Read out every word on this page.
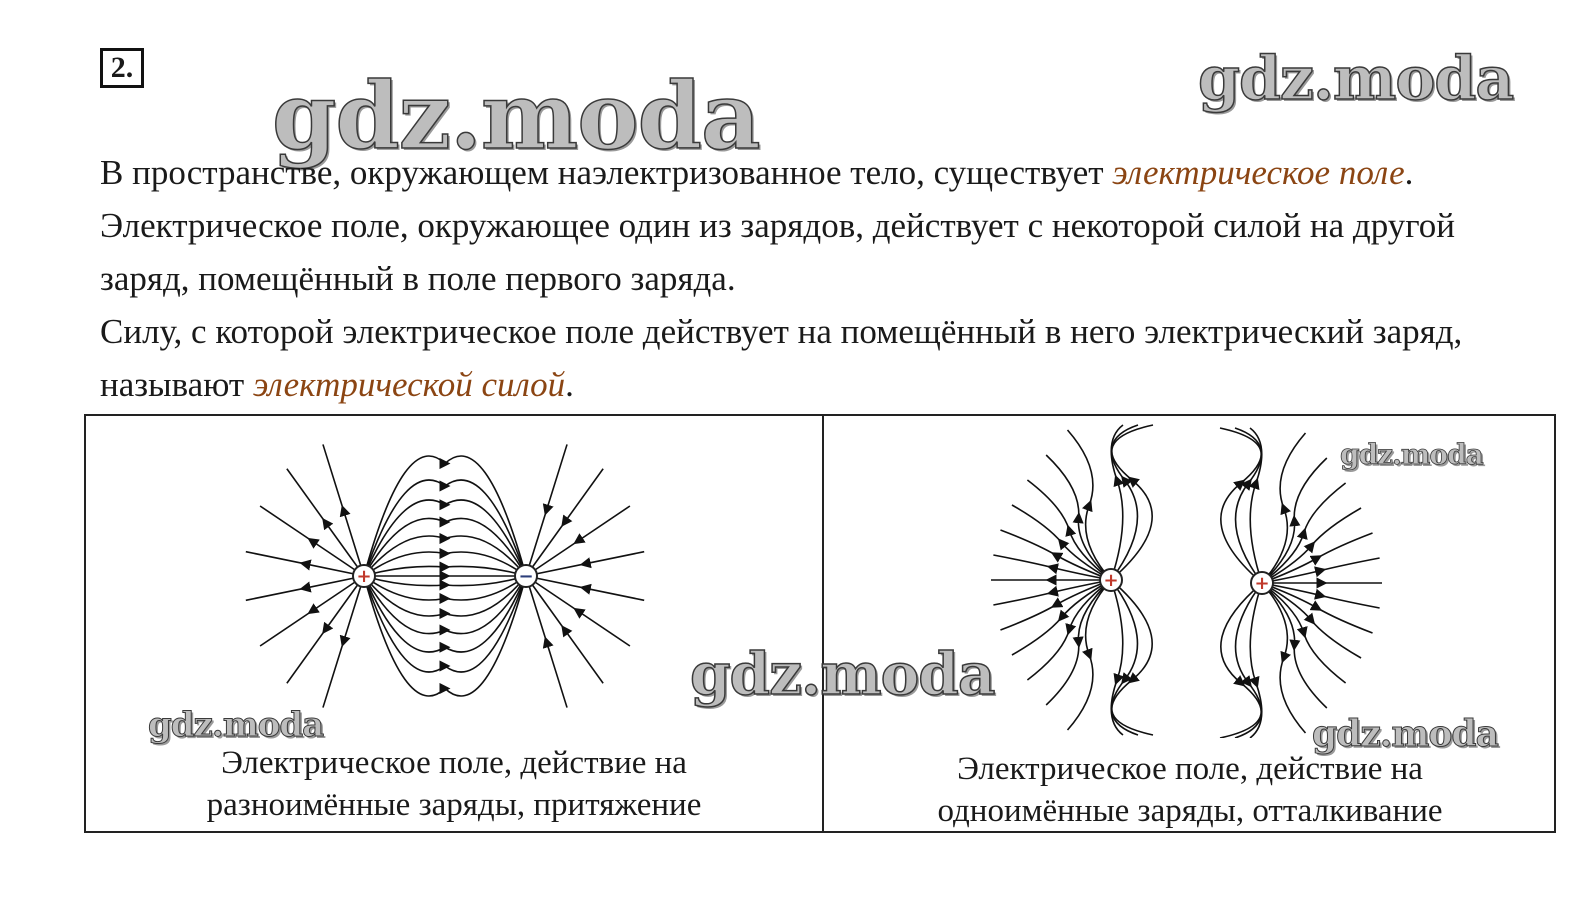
2. gdz.moda	gdz.moda

В пространстве, окружающем наэлектризованное тело, существует электрическое поле. Электрическое поле, окружающее один из зарядов, действует с некоторой силой на другой заряд, помещённый в поле первого заряда.

Силу, с которой электрическое поле действует на помещённый в него электрический заряд, называют электрической силой.

+	−	+	+

Электрическое поле, действие на
разноимённые заряды, притяжение

Электрическое поле, действие на
одноимённые заряды, отталкивание

gdz.moda
gdz.moda
gdz.moda
gdz.moda
